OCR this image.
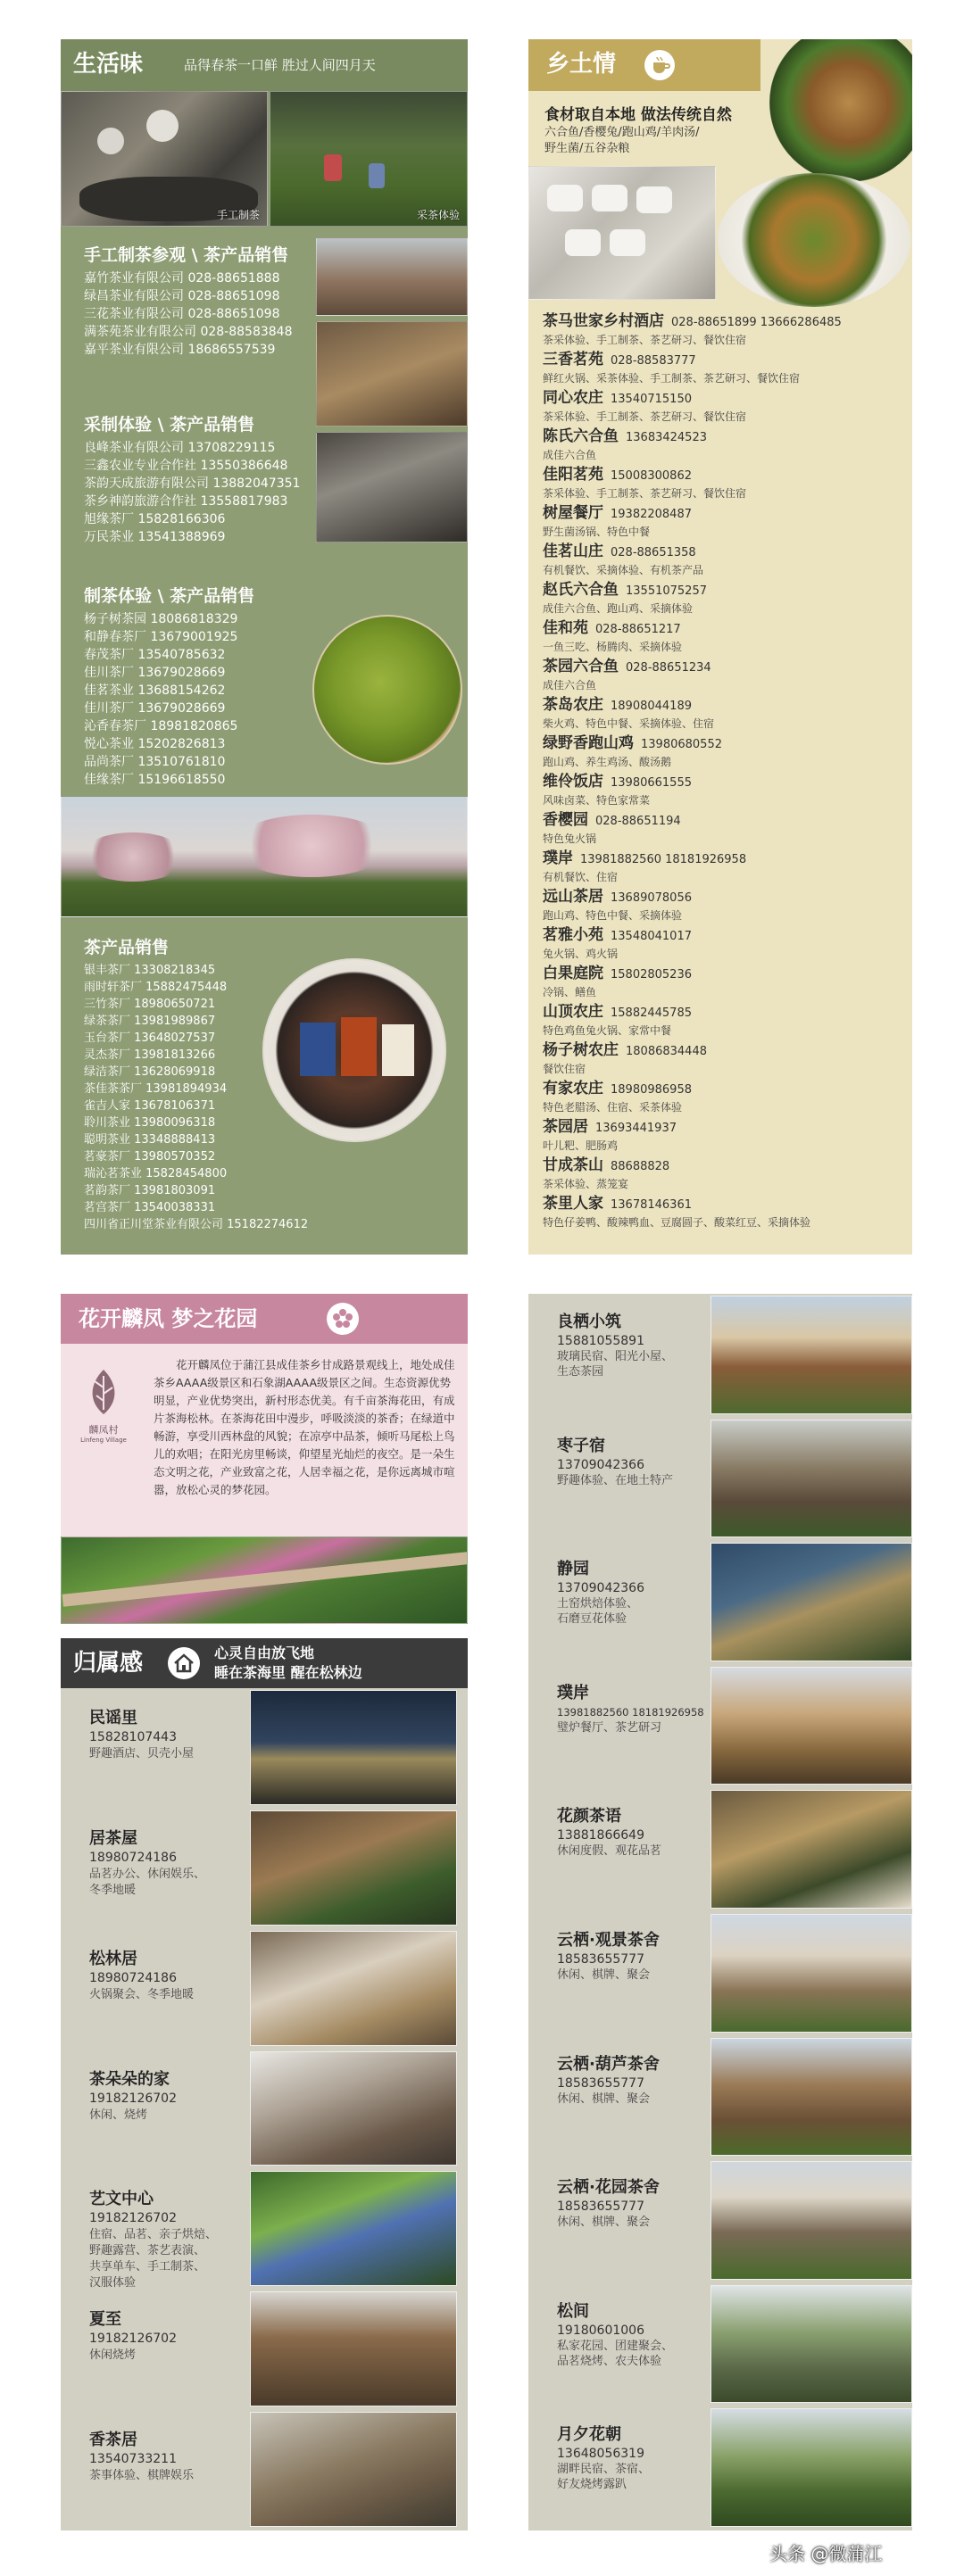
生活味	品得春茶一口鲜 胜过人间四月天
手工制茶	采茶体验
手工制茶参观 \ 茶产品销售
嘉竹茶业有限公司 028-88651888
绿昌茶业有限公司 028-88651098
三花茶业有限公司 028-88651098
满茶苑茶业有限公司 028-88583848
嘉平茶业有限公司 18686557539
采制体验 \ 茶产品销售
良峰茶业有限公司 13708229115
三鑫农业专业合作社 13550386648
茶韵天成旅游有限公司 13882047351
茶乡神韵旅游合作社 13558817983
旭缘茶厂 15828166306
万民茶业 13541388969
制茶体验 \ 茶产品销售
杨子树茶园 18086818329
和静春茶厂 13679001925
春茂茶厂 13540785632
佳川茶厂 13679028669
佳茗茶业 13688154262
佳川茶厂 13679028669
沁香春茶厂 18981820865
悦心茶业 15202826813
品尚茶厂 13510761810
佳缘茶厂 15196618550
茶产品销售
银丰茶厂 13308218345
雨时轩茶厂 15882475448
三竹茶厂 18980650721
绿茶茶厂 13981989867
玉台茶厂 13648027537
灵杰茶厂 13981813266
绿洁茶厂 13628069918
茶佳茶茶厂 13981894934
雀吉人家 13678106371
聆川茶业 13980096318
聪明茶业 13348888413
茗豪茶厂 13980570352
瑞沁茗茶业 15828454800
茗韵茶厂 13981803091
茗宫茶厂 13540038331
四川省正川堂茶业有限公司 15182274612
乡土情
食材取自本地 做法传统自然
六合鱼/香樱兔/跑山鸡/羊肉汤/
野生菌/五谷杂粮
茶马世家乡村酒店 028-88651899 13666286485
茶采体验、手工制茶、茶艺研习、餐饮住宿
三香茗苑 028-88583777
鲜红火锅、采茶体验、手工制茶、茶艺研习、餐饮住宿
同心农庄 13540715150
茶采体验、手工制茶、茶艺研习、餐饮住宿
陈氏六合鱼 13683424523
成佳六合鱼
佳阳茗苑 15008300862
茶采体验、手工制茶、茶艺研习、餐饮住宿
树屋餐厅 19382208487
野生菌汤锅、特色中餐
佳茗山庄 028-88651358
有机餐饮、采摘体验、有机茶产品
赵氏六合鱼 13551075257
成佳六合鱼、跑山鸡、采摘体验
佳和苑 028-88651217
一鱼三吃、杨腾肉、采摘体验
茶园六合鱼 028-88651234
成佳六合鱼
茶岛农庄 18908044189
柴火鸡、特色中餐、采摘体验、住宿
绿野香跑山鸡 13980680552
跑山鸡、养生鸡汤、酸汤鹅
维伶饭店 13980661555
风味卤菜、特色家常菜
香樱园 028-88651194
特色兔火锅
璞岸 13981882560 18181926958
有机餐饮、住宿
远山茶居 13689078056
跑山鸡、特色中餐、采摘体验
茗雅小苑 13548041017
兔火锅、鸡火锅
白果庭院 15802805236
冷锅、鳝鱼
山顶农庄 15882445785
特色鸡鱼兔火锅、家常中餐
杨子树农庄 18086834448
餐饮住宿
有家农庄 18980986958
特色老腊汤、住宿、采茶体验
茶园居 13693441937
叶儿粑、肥肠鸡
甘成茶山 88688828
茶采体验、蒸笼宴
茶里人家 13678146361
特色仔姜鸭、酸辣鸭血、豆腐圆子、酸菜红豆、采摘体验
花开麟凤 梦之花园
麟凤村
Linfeng Village
花开麟凤位于蒲江县成佳茶乡甘成路景观线上，地处成佳茶乡AAAA级景区和石象湖AAAA级景区之间。生态资源优势明显，产业优势突出，新村形态优美。有千亩茶海花田，有成片茶海松林。在茶海花田中漫步，呼吸淡淡的茶香；在绿道中畅游，享受川西林盘的风貌；在凉亭中品茶，倾听马尾松上鸟儿的欢唱；在阳光房里畅谈，仰望星光灿烂的夜空。是一朵生态文明之花，产业致富之花，人居幸福之花，是你远离城市喧嚣，放松心灵的梦花园。
归属感	心灵自由放飞地
睡在茶海里 醒在松林边
民谣里
15828107443
野趣酒店、贝壳小屋
居茶屋
18980724186
品茗办公、休闲娱乐、
冬季地暖
松林居
18980724186
火锅聚会、冬季地暖
茶朵朵的家
19182126702
休闲、烧烤
艺文中心
19182126702
住宿、品茗、亲子烘焙、
野趣露营、茶艺表演、
共享单车、手工制茶、
汉服体验
夏至
19182126702
休闲烧烤
香茶居
13540733211
茶事体验、棋牌娱乐
良栖小筑
15881055891
玻璃民宿、阳光小屋、
生态茶园
枣子宿
13709042366
野趣体验、在地土特产
静园
13709042366
土窑烘焙体验、
石磨豆花体验
璞岸
13981882560 18181926958
璧炉餐厅、茶艺研习
花颜茶语
13881866649
休闲度假、观花品茗
云栖·观景茶舍
18583655777
休闲、棋牌、聚会
云栖·葫芦茶舍
18583655777
休闲、棋牌、聚会
云栖·花园茶舍
18583655777
休闲、棋牌、聚会
松间
19180601006
私家花园、团建聚会、
品茗烧烤、农夫体验
月夕花朝
13648056319
湖畔民宿、茶宿、
好友烧烤露趴
头条 @微蒲江
